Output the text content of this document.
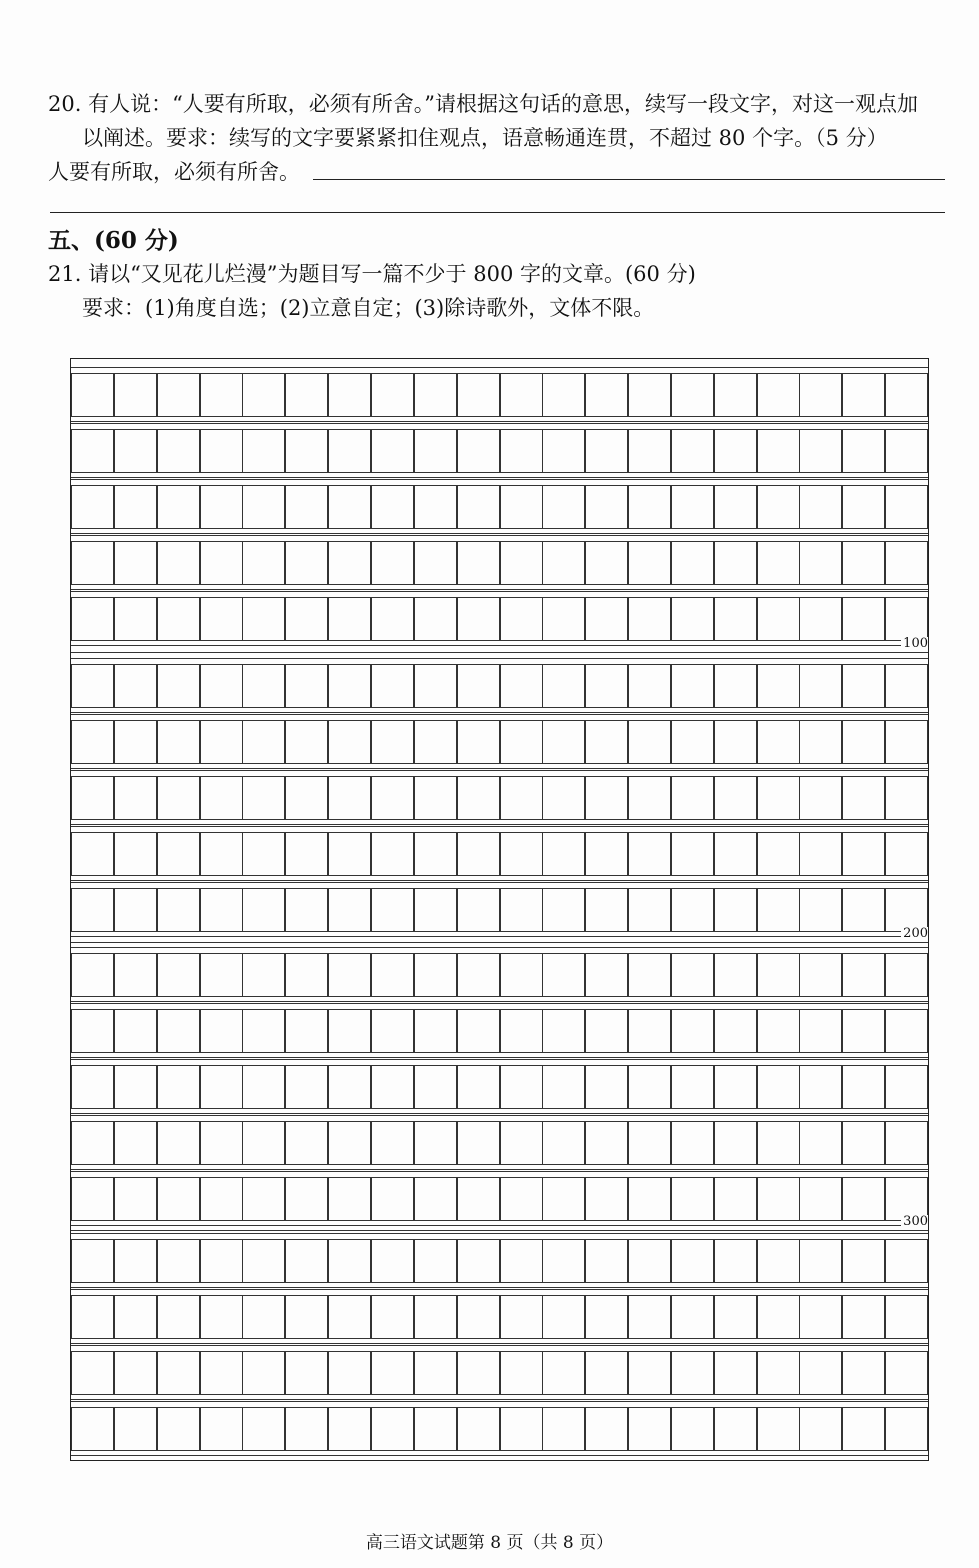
20. 有人说：“人要有所取，必须有所舍。”请根据这句话的意思，续写一段文字，对这一观点加
以阐述。要求：续写的文字要紧紧扣住观点，语意畅通连贯，不超过 80 个字。（5 分）
人要有所取，必须有所舍。
五、(60 分)
21. 请以“又见花儿烂漫”为题目写一篇不少于 800 字的文章。(60 分)
要求：(1)角度自选；(2)立意自定；(3)除诗歌外，文体不限。
100
200
300
高三语文试题第 8 页（共 8 页）
